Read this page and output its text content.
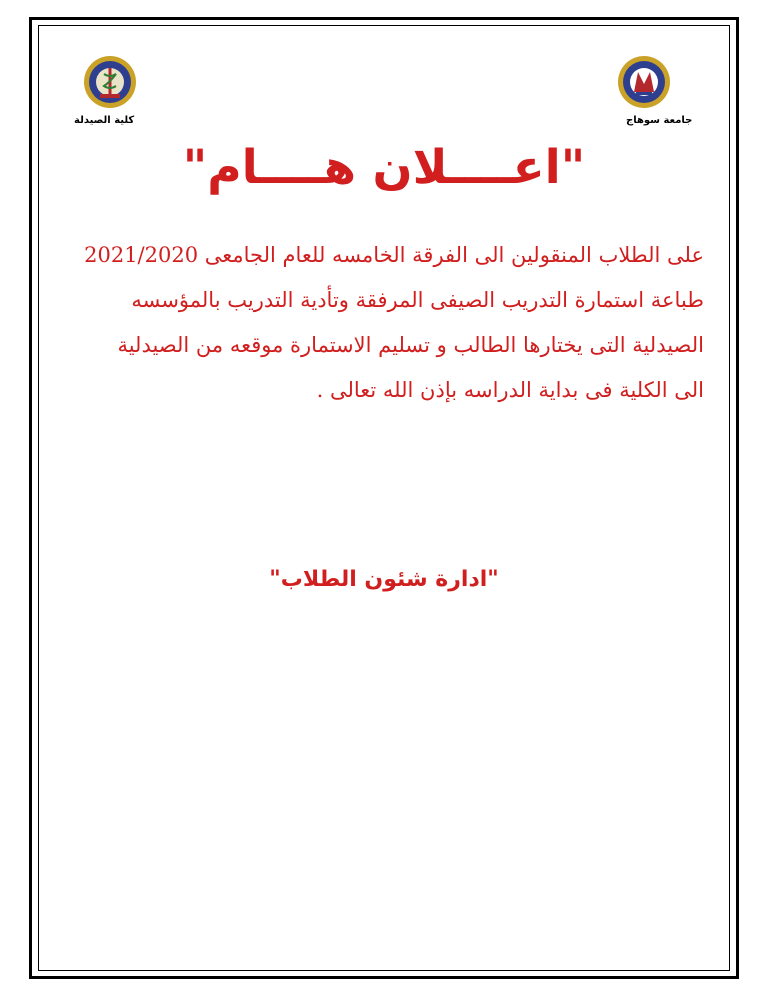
كلية الصيدلة	جامعة سوهاج
"اعــــلان هــــام"
على الطلاب المنقولين الى الفرقة الخامسه للعام الجامعى 2021/2020
طباعة استمارة التدريب الصيفى المرفقة وتأدية التدريب بالمؤسسه
الصيدلية التى يختارها الطالب و تسليم الاستمارة موقعه من الصيدلية
الى الكلية فى بداية الدراسه بإذن الله تعالى .
"ادارة شئون الطلاب"
